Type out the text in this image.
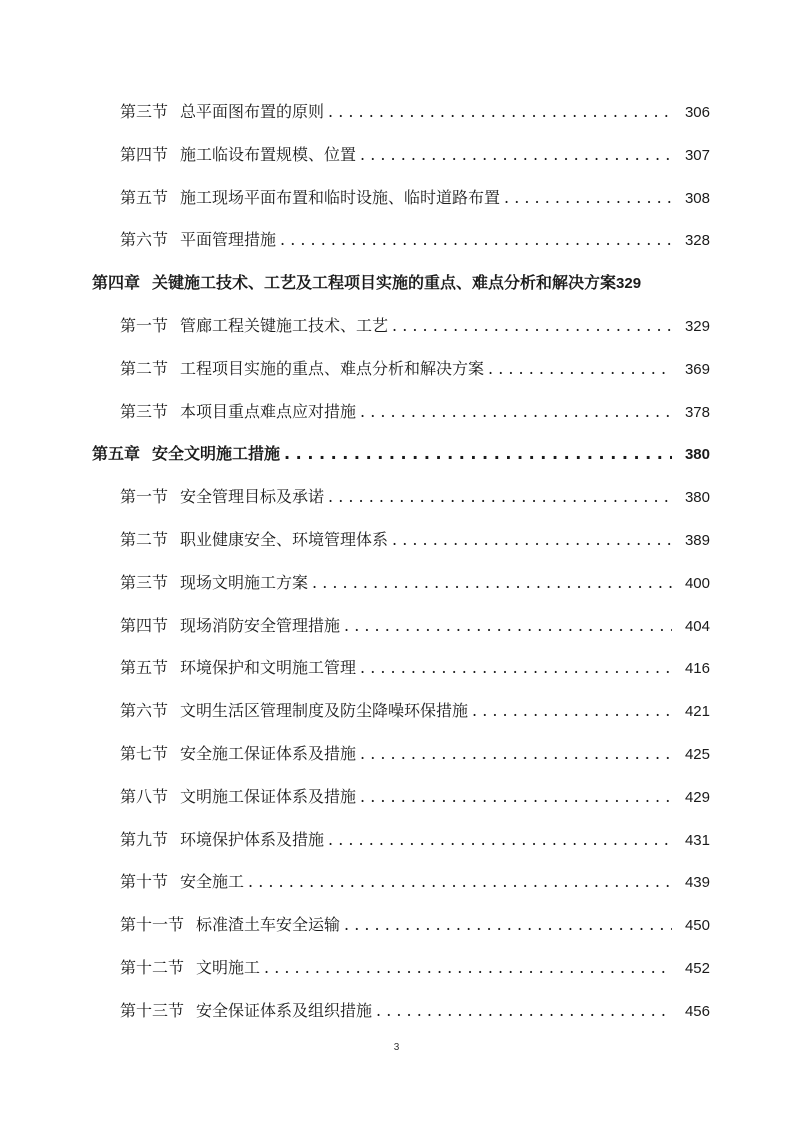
第三节 总平面图布置的原则 . . .	306
第四节 施工临设布置规模、位置 . . .	307
第五节 施工现场平面布置和临时设施、临时道路布置 . . .	308
第六节 平面管理措施 . . .	328
第四章 关键施工技术、工艺及工程项目实施的重点、难点分析和解决方案 329
第一节 管廊工程关键施工技术、工艺 . . .	329
第二节 工程项目实施的重点、难点分析和解决方案 . . .	369
第三节 本项目重点难点应对措施 . . .	378
第五章 安全文明施工措施 . . .	380
第一节 安全管理目标及承诺 . . .	380
第二节 职业健康安全、环境管理体系 . . .	389
第三节 现场文明施工方案 . . .	400
第四节 现场消防安全管理措施 . . .	404
第五节 环境保护和文明施工管理 . . .	416
第六节 文明生活区管理制度及防尘降噪环保措施 . . .	421
第七节 安全施工保证体系及措施 . . .	425
第八节 文明施工保证体系及措施 . . .	429
第九节 环境保护体系及措施 . . .	431
第十节 安全施工 . . .	439
第十一节 标准渣土车安全运输 . . .	450
第十二节 文明施工 . . .	452
第十三节 安全保证体系及组织措施 . . .	456
3
